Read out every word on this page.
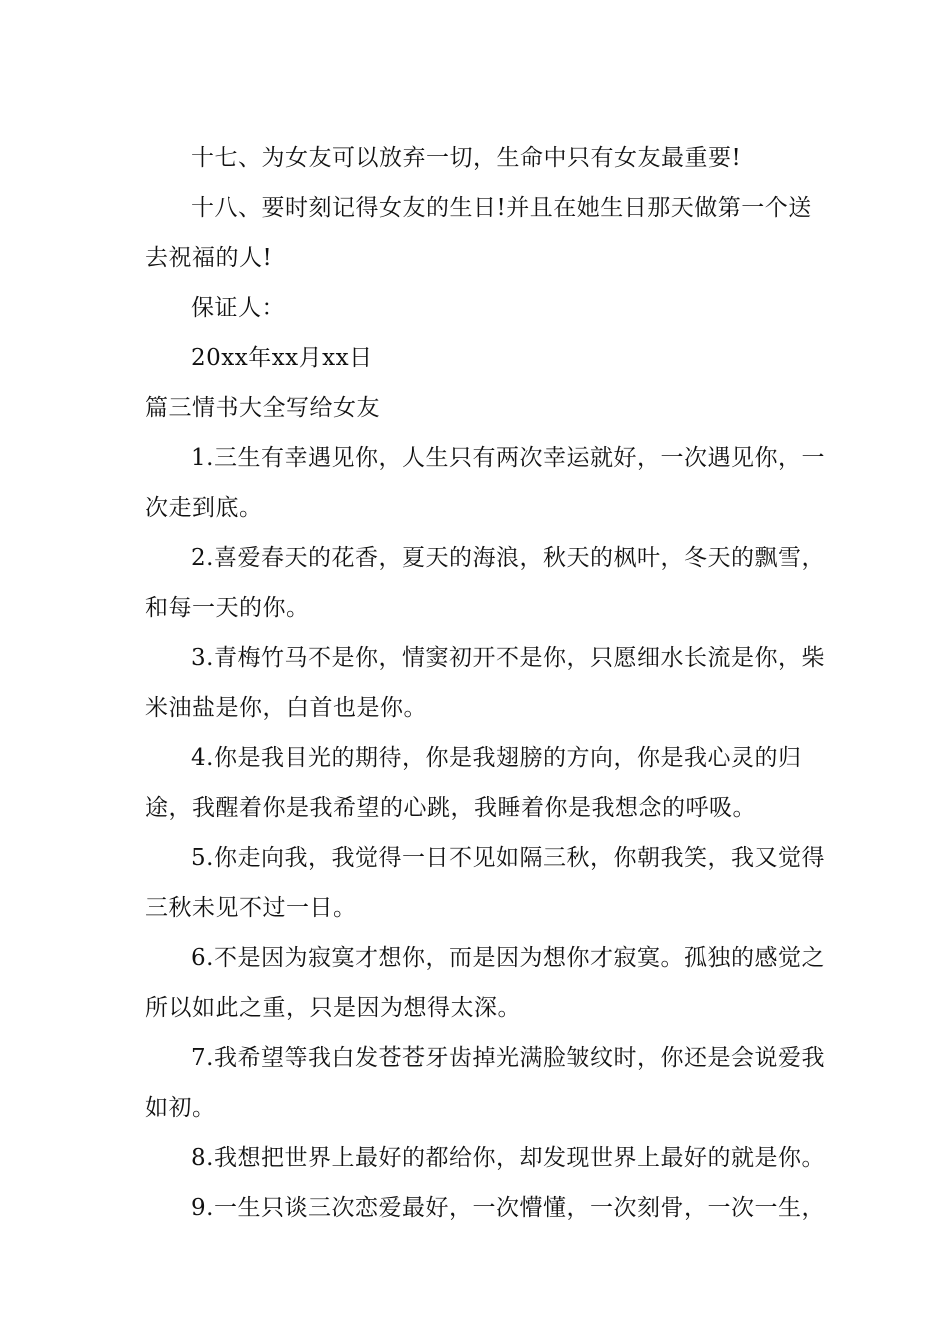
十七、为女友可以放弃一切，生命中只有女友最重要!

十八、要时刻记得女友的生日!并且在她生日那天做第一个送去祝福的人!

保证人：

20xx年xx月xx日

篇三情书大全写给女友

1.三生有幸遇见你，人生只有两次幸运就好，一次遇见你，一次走到底。

2.喜爱春天的花香，夏天的海浪，秋天的枫叶，冬天的飘雪，和每一天的你。

3.青梅竹马不是你，情窦初开不是你，只愿细水长流是你，柴米油盐是你，白首也是你。

4.你是我目光的期待，你是我翅膀的方向，你是我心灵的归途，我醒着你是我希望的心跳，我睡着你是我想念的呼吸。

5.你走向我，我觉得一日不见如隔三秋，你朝我笑，我又觉得三秋未见不过一日。

6.不是因为寂寞才想你，而是因为想你才寂寞。孤独的感觉之所以如此之重，只是因为想得太深。

7.我希望等我白发苍苍牙齿掉光满脸皱纹时，你还是会说爱我如初。

8.我想把世界上最好的都给你，却发现世界上最好的就是你。

9.一生只谈三次恋爱最好，一次懵懂，一次刻骨，一次一生，
